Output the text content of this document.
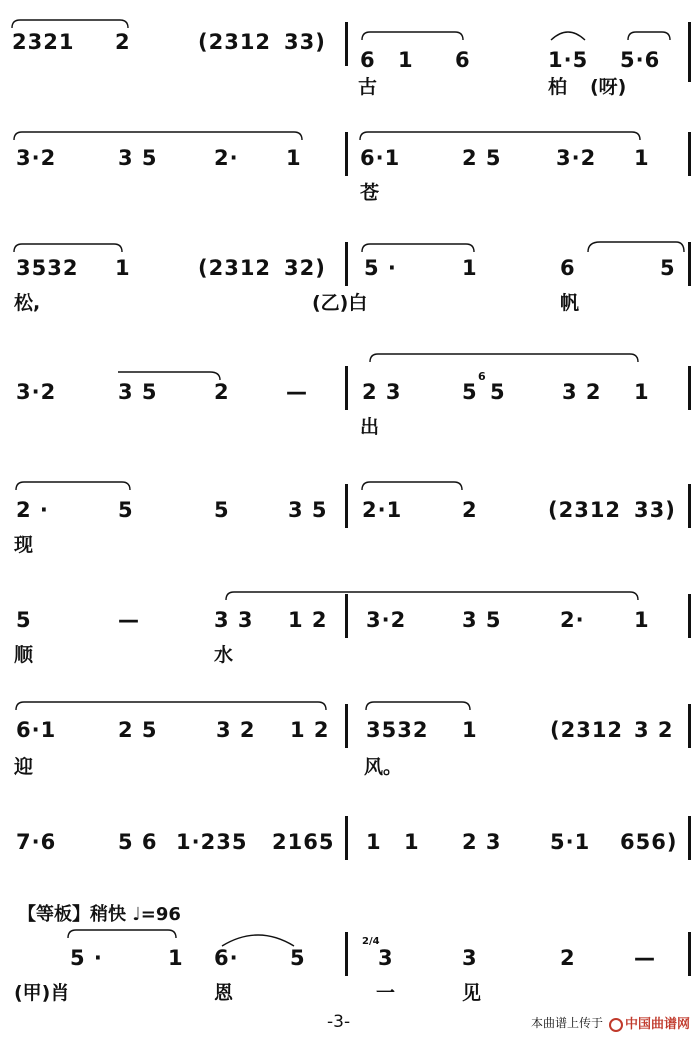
2321 2	(2312 33)
6 1 6	1·5 5·6
古	柏 (呀)
3·2	3 5	2· 1	6·1	2 5	3·2 1
苍
3532 1	(2312 32) 5 ·	1	6	5
松,	(乙)白	帆
3·2	3 5	2	—	2 3	5
6
5	3 2 1
出
2 ·	5	5	3 5 2·1	2	(2312 33)
现
5	—	3 3 1 2 3·2	3 5	2· 1
顺	水
6·1	2 5	3 2 1 2 3532 1	(2312 3 2
迎	风。
7·6	5 6 1·235 2165 1 1 2 3 5·1 656)
【等板】稍快 ♩=96
5 ·	1 6· 5
2/4
3	3	2	—
(甲)肖	恩	一	见
-3-	本曲谱上传于	中国曲谱网
